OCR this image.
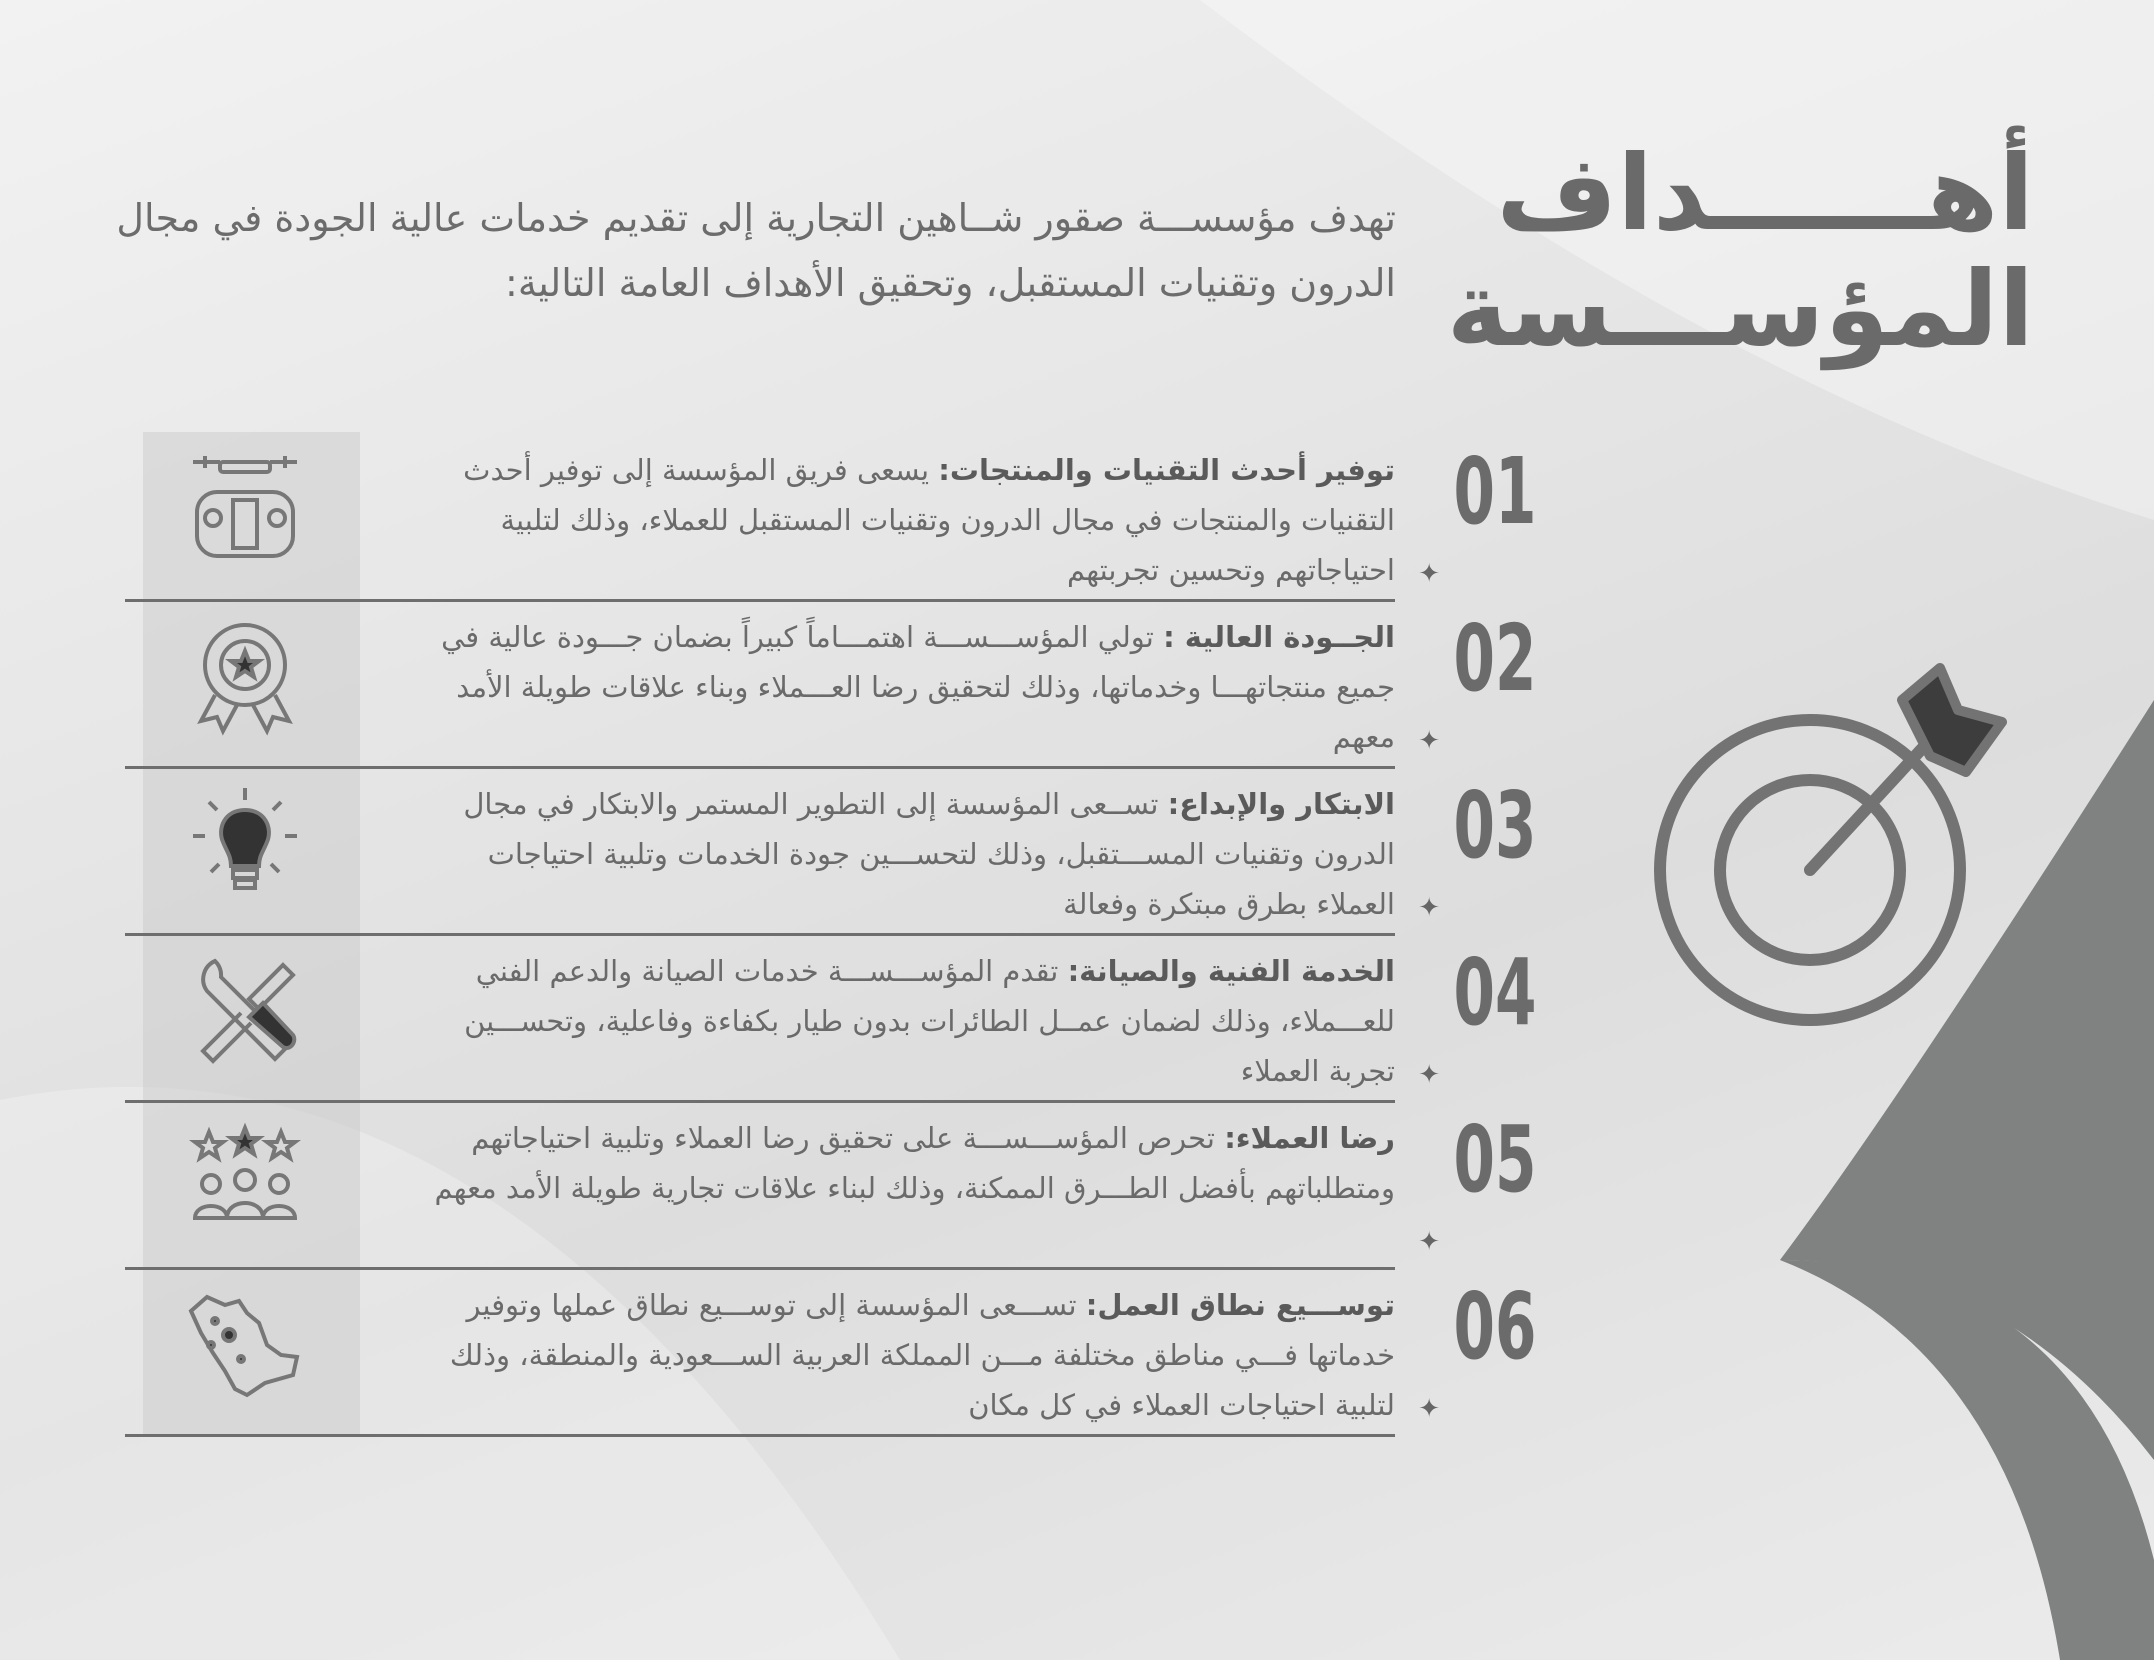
أهــــــداف
المؤســـسة

تهدف مؤسســـة صقور شــاهين التجارية إلى تقديم خدمات عالية الجودة في مجال الدرون وتقنيات المستقبل، وتحقيق الأهداف العامة التالية:

توفير أحدث التقنيات والمنتجات: يسعى فريق المؤسسة إلى توفير أحدث التقنيات والمنتجات في مجال الدرون وتقنيات المستقبل للعملاء، وذلك لتلبية احتياجاتهم وتحسين تجربتهم ✦
01

الجــودة العالية : تولي المؤســـســـة اهتمـــاماً كبيراً بضمان جـــودة عالية في جميع منتجاتهـــا وخدماتها، وذلك لتحقيق رضا العـــملاء وبناء علاقات طويلة الأمد معهم ✦
02

الابتكار والإبداع: تســعى المؤسسة إلى التطوير المستمر والابتكار في مجال الدرون وتقنيات المســـتقبل، وذلك لتحســـين جودة الخدمات وتلبية احتياجات العملاء بطرق مبتكرة وفعالة ✦
03

الخدمة الفنية والصيانة: تقدم المؤســـســـة خدمات الصيانة والدعم الفني للعـــملاء، وذلك لضمان عمــل الطائرات بدون طيار بكفاءة وفاعلية، وتحســـين تجربة العملاء ✦
04

رضا العملاء: تحرص المؤســـســـة على تحقيق رضا العملاء وتلبية احتياجاتهم ومتطلباتهم بأفضل الطـــرق الممكنة، وذلك لبناء علاقات تجارية طويلة الأمد معهم

✦
05

توســـيع نطاق العمل: تســـعى المؤسسة إلى توســـيع نطاق عملها وتوفير خدماتها فـــي مناطق مختلفة مـــن المملكة العربية الســـعودية والمنطقة، وذلك لتلبية احتياجات العملاء في كل مكان ✦
06
